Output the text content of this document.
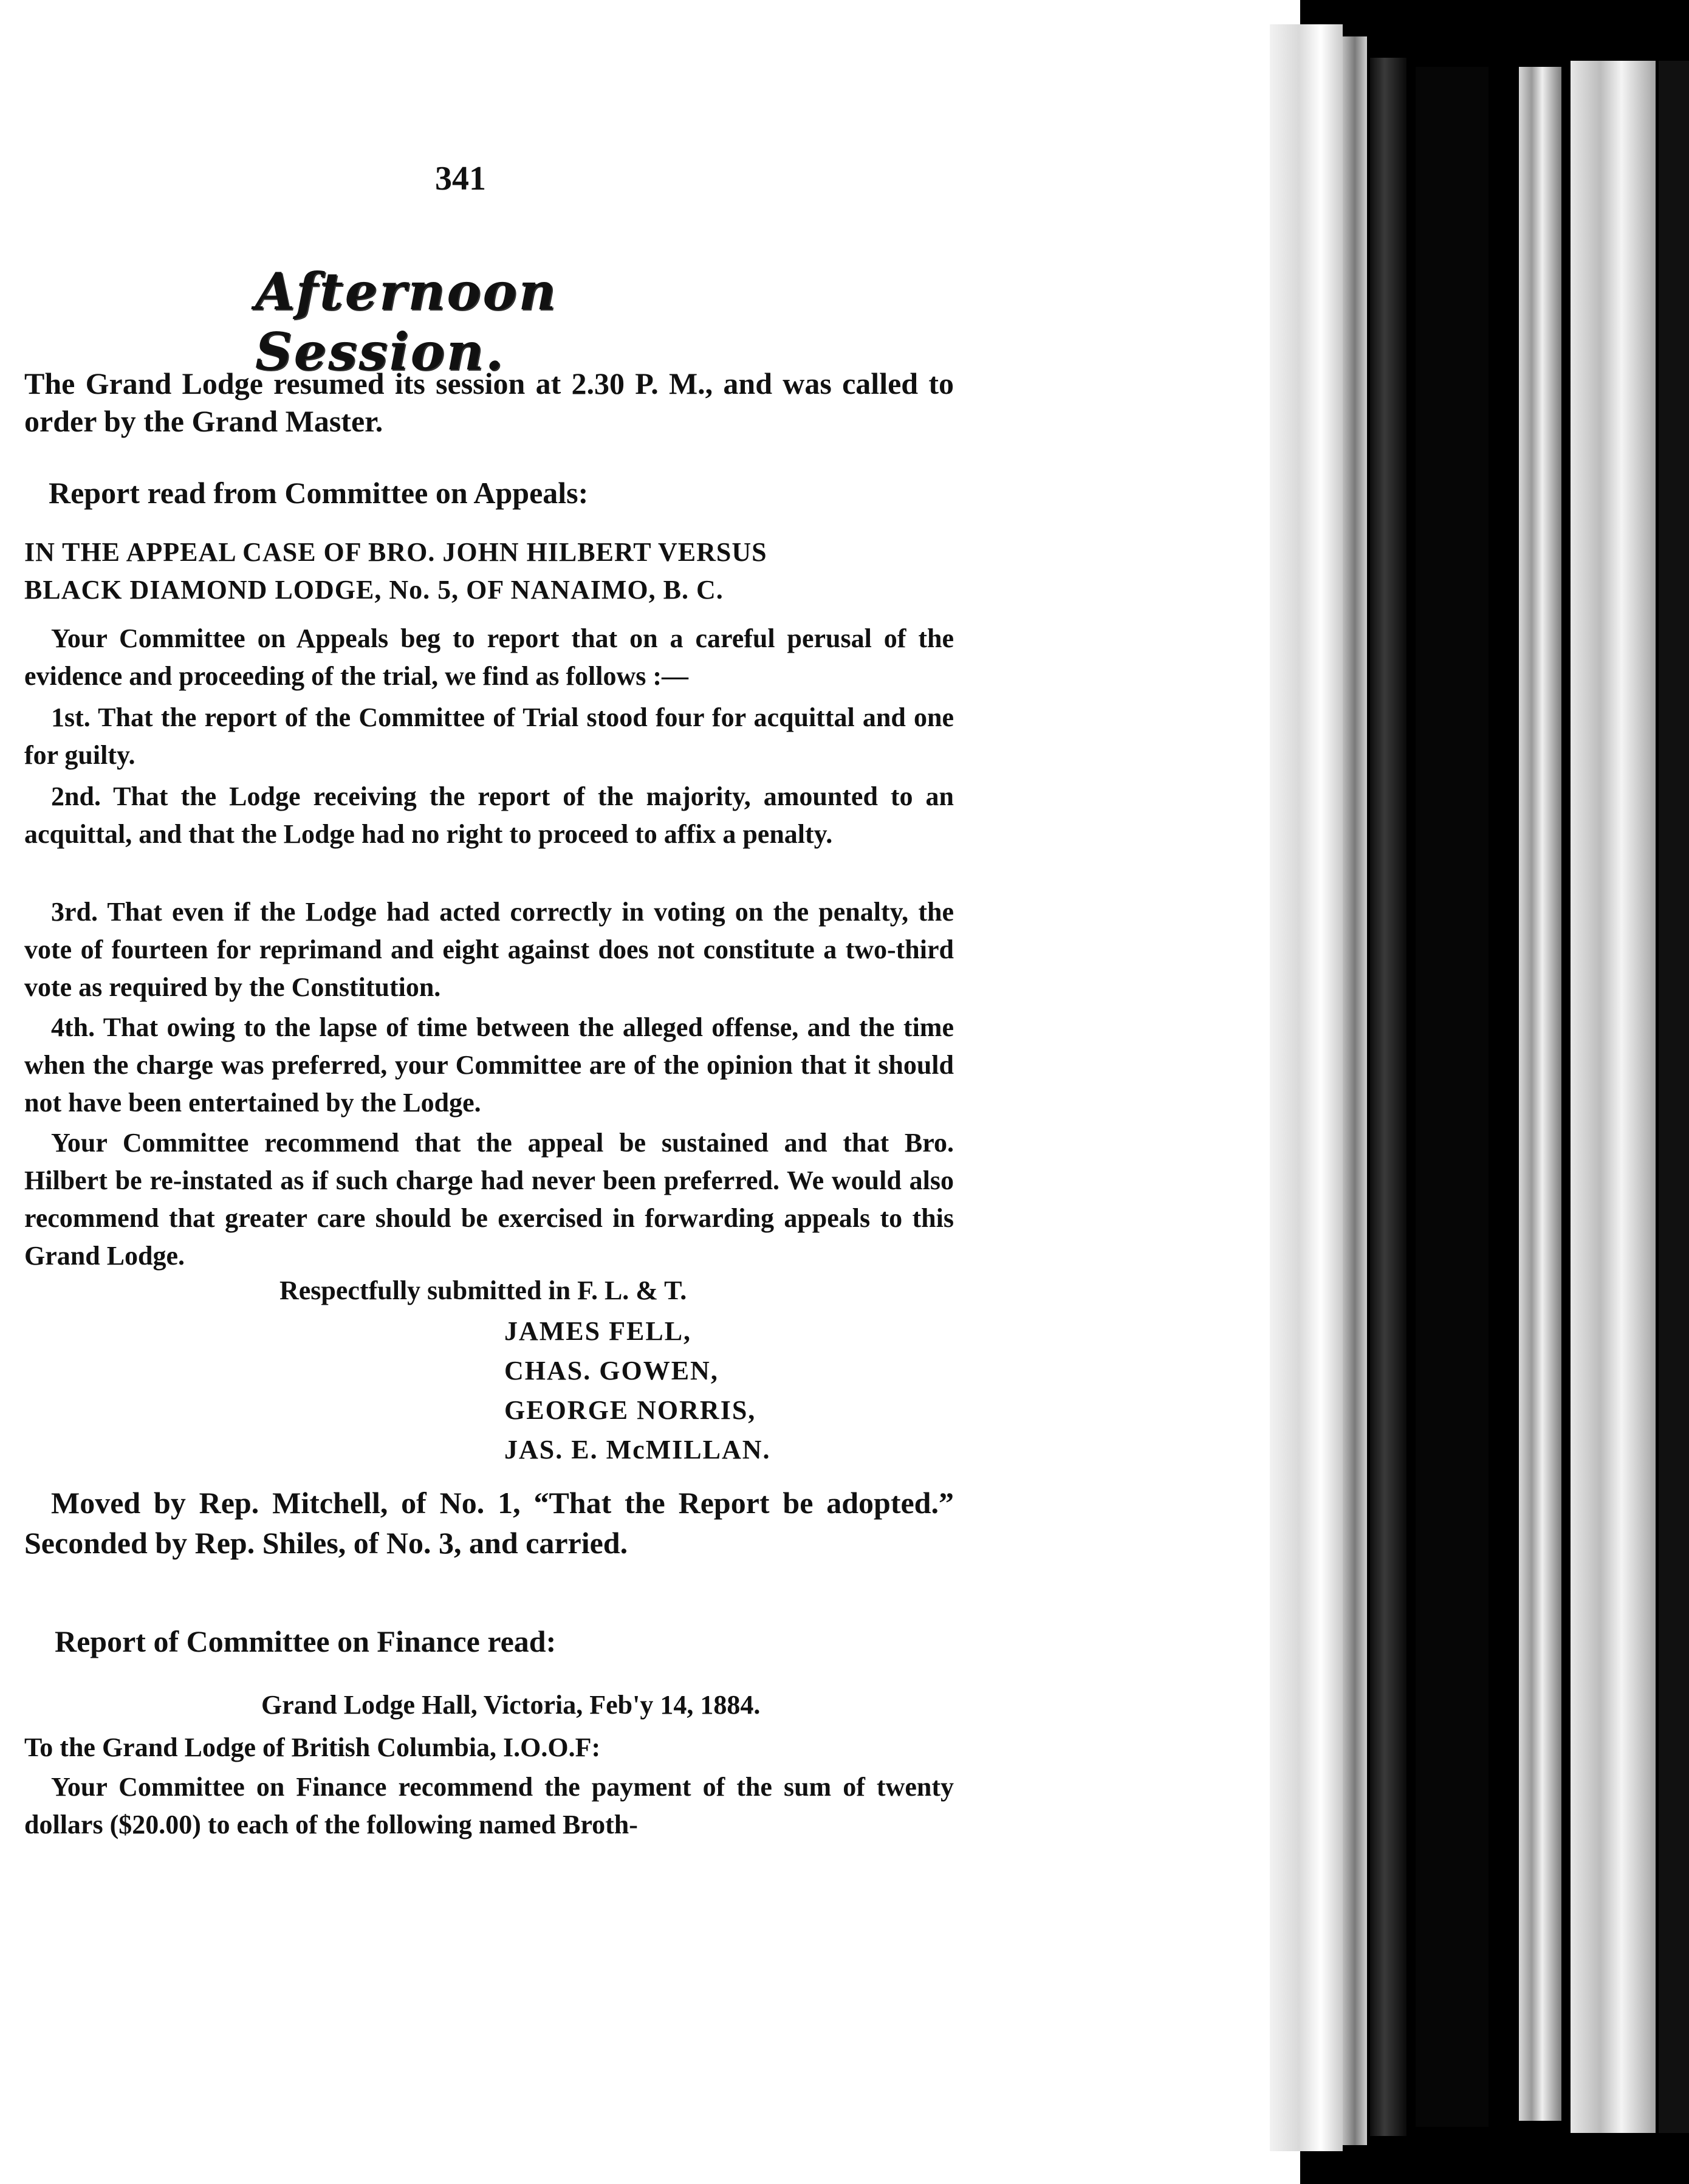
341
Afternoon Session.
The Grand Lodge resumed its session at 2.30 P. M., and was called to order by the Grand Master.
Report read from Committee on Appeals:
IN THE APPEAL CASE OF BRO. JOHN HILBERT VERSUS
BLACK DIAMOND LODGE, No. 5, OF NANAIMO, B. C.
Your Committee on Appeals beg to report that on a careful perusal of the evidence and proceeding of the trial, we find as follows :—
1st. That the report of the Committee of Trial stood four for acquittal and one for guilty.
2nd. That the Lodge receiving the report of the majority, amounted to an acquittal, and that the Lodge had no right to proceed to affix a penalty.
3rd. That even if the Lodge had acted correctly in voting on the penalty, the vote of fourteen for reprimand and eight against does not constitute a two-third vote as required by the Constitution.
4th. That owing to the lapse of time between the alleged offense, and the time when the charge was preferred, your Committee are of the opinion that it should not have been entertained by the Lodge.
Your Committee recommend that the appeal be sustained and that Bro. Hilbert be re-instated as if such charge had never been preferred. We would also recommend that greater care should be exercised in forwarding appeals to this Grand Lodge.
Respectfully submitted in F. L. & T.
JAMES FELL,
CHAS. GOWEN,
GEORGE NORRIS,
JAS. E. McMILLAN.
Moved by Rep. Mitchell, of No. 1, “That the Report be adopted.” Seconded by Rep. Shiles, of No. 3, and carried.
Report of Committee on Finance read:
Grand Lodge Hall, Victoria, Feb'y 14, 1884.
To the Grand Lodge of British Columbia, I.O.O.F:
Your Committee on Finance recommend the payment of the sum of twenty dollars ($20.00) to each of the following named Broth-
